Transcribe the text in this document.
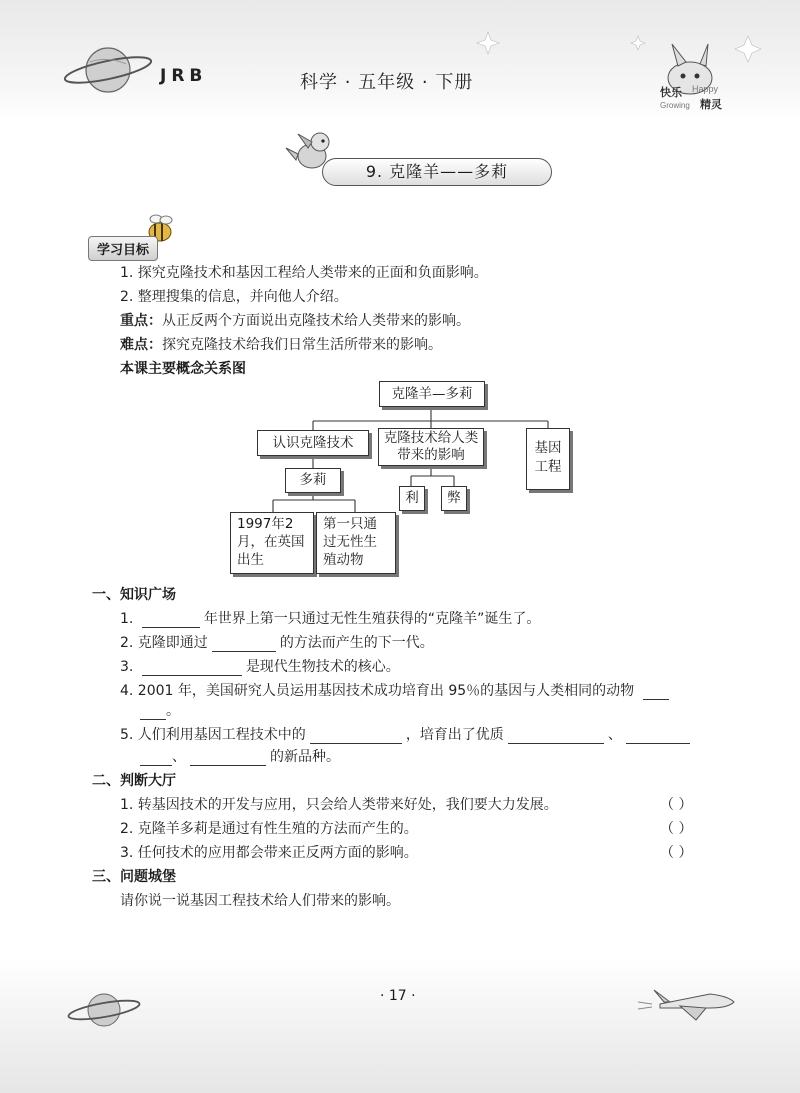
快乐 Happy
Growing 精灵
JRB	科学 · 五年级 · 下册
9. 克隆羊——多莉
学习目标
1. 探究克隆技术和基因工程给人类带来的正面和负面影响。
2. 整理搜集的信息，并向他人介绍。
重点：从正反两个方面说出克隆技术给人类带来的影响。
难点：探究克隆技术给我们日常生活所带来的影响。
本课主要概念关系图
克隆羊—多莉
认识克隆技术	克隆技术给人类带来的影响	基因工程
多莉
1997年2月，在英国出生
第一只通过无性生殖动物
利	弊
一、知识广场
1.	年世界上第一只通过无性生殖获得的“克隆羊”诞生了。
2. 克隆即通过	的方法而产生的下一代。
3.	是现代生物技术的核心。
4. 2001 年，美国研究人员运用基因技术成功培育出 95％的基因与人类相同的动物
。
5. 人们利用基因工程技术中的	，培育出了优质	、
、	的新品种。
二、判断大厅
1. 转基因技术的开发与应用，只会给人类带来好处，我们要大力发展。	（ ）
2. 克隆羊多莉是通过有性生殖的方法而产生的。	（ ）
3. 任何技术的应用都会带来正反两方面的影响。	（ ）
三、问题城堡
请你说一说基因工程技术给人们带来的影响。
· 17 ·
